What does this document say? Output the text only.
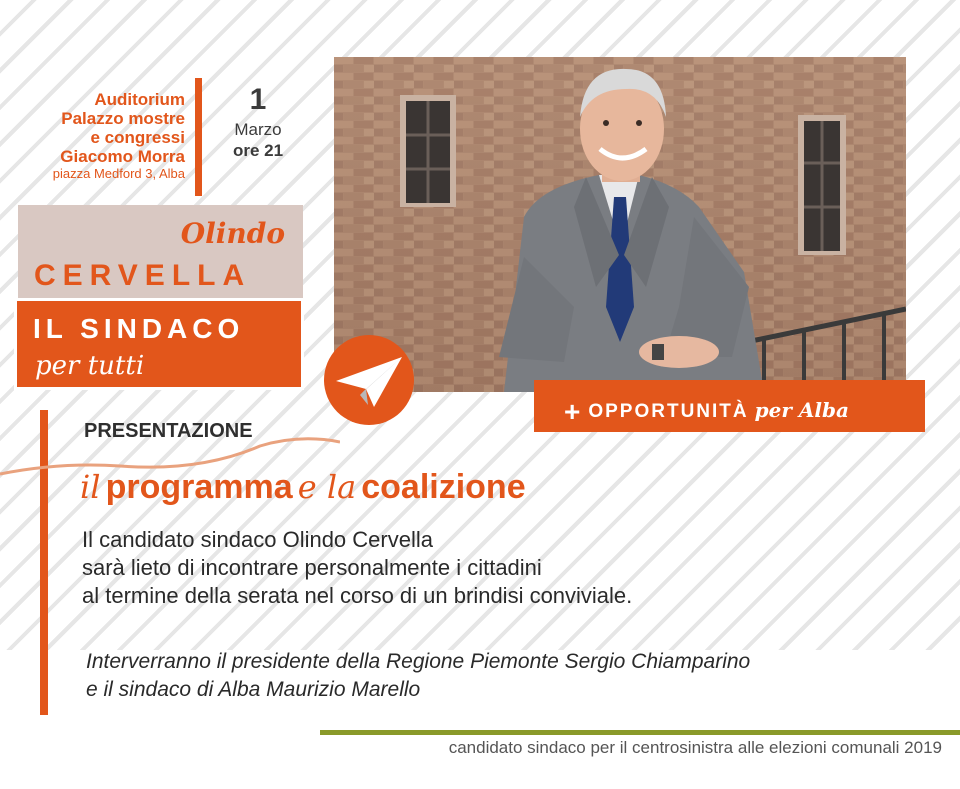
Auditorium
Palazzo mostre
e congressi
Giacomo Morra
piazza Medford 3, Alba
1
Marzo
ore 21
Olindo
CERVELLA
IL SINDACO
per tutti
+ OPPORTUNITÀ per Alba
PRESENTAZIONE
il programma e la coalizione
Il candidato sindaco Olindo Cervella
sarà lieto di incontrare personalmente i cittadini
al termine della serata nel corso di un brindisi conviviale.
Interverranno il presidente della Regione Piemonte Sergio Chiamparino
e il sindaco di Alba Maurizio Marello
candidato sindaco per il centrosinistra alle elezioni comunali 2019
